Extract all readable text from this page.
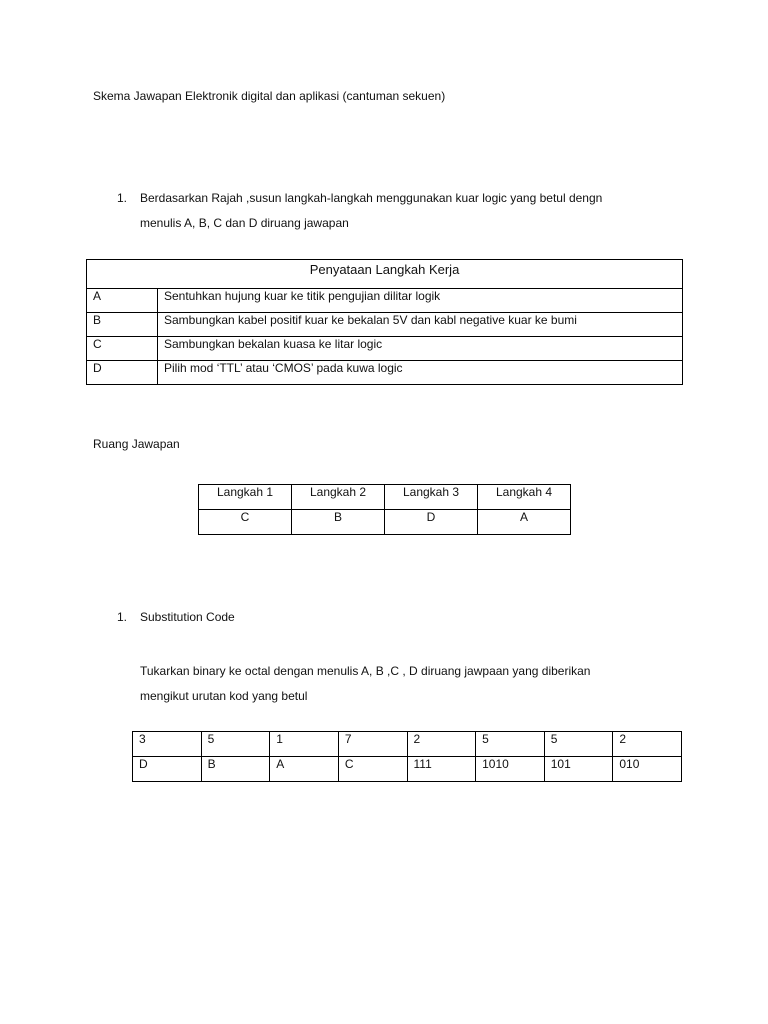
Skema Jawapan Elektronik digital dan aplikasi (cantuman sekuen)
1. Berdasarkan Rajah ,susun langkah-langkah menggunakan kuar logic yang betul dengn
menulis A, B, C dan D diruang jawapan
Penyataan Langkah Kerja	
A	Sentuhkan hujung kuar ke titik pengujian dilitar logik
B	Sambungkan kabel positif kuar ke bekalan 5V dan kabl negative kuar ke bumi
C	Sambungkan bekalan kuasa ke litar logic
D	Pilih mod ‘TTL’ atau ‘CMOS’ pada kuwa logic
Ruang Jawapan
Langkah 1	Langkah 2	Langkah 3	Langkah 4
C	B	D	A
1. Substitution Code
Tukarkan binary ke octal dengan menulis A, B ,C , D diruang jawpaan yang diberikan
mengikut urutan kod yang betul
3	5	1	7	2	5	5	2
D	B	A	C	111	1010	101	010
